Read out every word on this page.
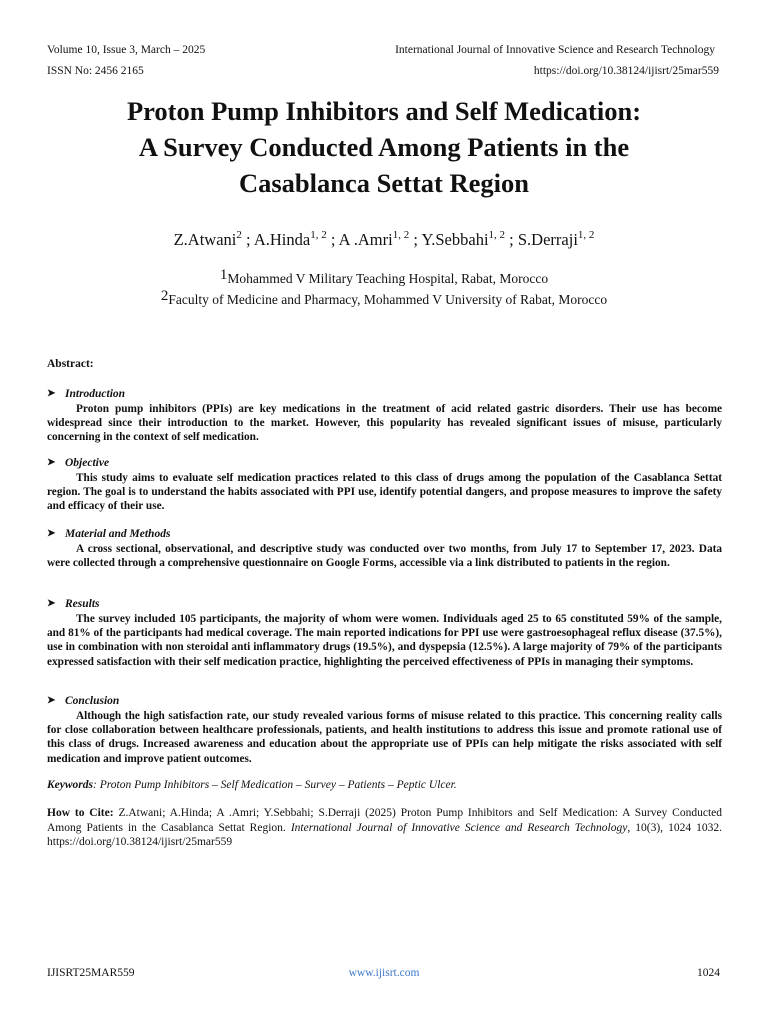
Volume 10, Issue 3, March – 2025
ISSN No: 2456 2165
International Journal of Innovative Science and Research Technology
https://doi.org/10.38124/ijisrt/25mar559
Proton Pump Inhibitors and Self Medication:
A Survey Conducted Among Patients in the
Casablanca Settat Region
Z.Atwani$^2$ ; A.Hinda$^{1, 2}$ ; A .Amri$^{1, 2}$ ; Y.Sebbahi$^{1, 2}$ ; S.Derraji$^{1, 2}$
1Mohammed V Military Teaching Hospital, Rabat, Morocco
2Faculty of Medicine and Pharmacy, Mohammed V University of Rabat, Morocco
Abstract:
➤ Introduction
Proton pump inhibitors (PPIs) are key medications in the treatment of acid related gastric disorders. Their use has become widespread since their introduction to the market. However, this popularity has revealed significant issues of misuse, particularly concerning in the context of self medication.
➤ Objective
This study aims to evaluate self medication practices related to this class of drugs among the population of the Casablanca Settat region. The goal is to understand the habits associated with PPI use, identify potential dangers, and propose measures to improve the safety and efficacy of their use.
➤ Material and Methods
A cross sectional, observational, and descriptive study was conducted over two months, from July 17 to September 17, 2023. Data were collected through a comprehensive questionnaire on Google Forms, accessible via a link distributed to patients in the region.
➤ Results
The survey included 105 participants, the majority of whom were women. Individuals aged 25 to 65 constituted 59% of the sample, and 81% of the participants had medical coverage. The main reported indications for PPI use were gastroesophageal reflux disease (37.5%), use in combination with non steroidal anti inflammatory drugs (19.5%), and dyspepsia (12.5%). A large majority of 79% of the participants expressed satisfaction with their self medication practice, highlighting the perceived effectiveness of PPIs in managing their symptoms.
➤ Conclusion
Although the high satisfaction rate, our study revealed various forms of misuse related to this practice. This concerning reality calls for close collaboration between healthcare professionals, patients, and health institutions to address this issue and promote rational use of this class of drugs. Increased awareness and education about the appropriate use of PPIs can help mitigate the risks associated with self medication and improve patient outcomes.
Keywords: Proton Pump Inhibitors – Self Medication – Survey – Patients – Peptic Ulcer.
How to Cite: Z.Atwani; A.Hinda; A .Amri; Y.Sebbahi; S.Derraji (2025) Proton Pump Inhibitors and Self Medication: A Survey Conducted Among Patients in the Casablanca Settat Region. International Journal of Innovative Science and Research Technology, 10(3), 1024 1032. https://doi.org/10.38124/ijisrt/25mar559
IJISRT25MAR559	www.ijisrt.com	1024
